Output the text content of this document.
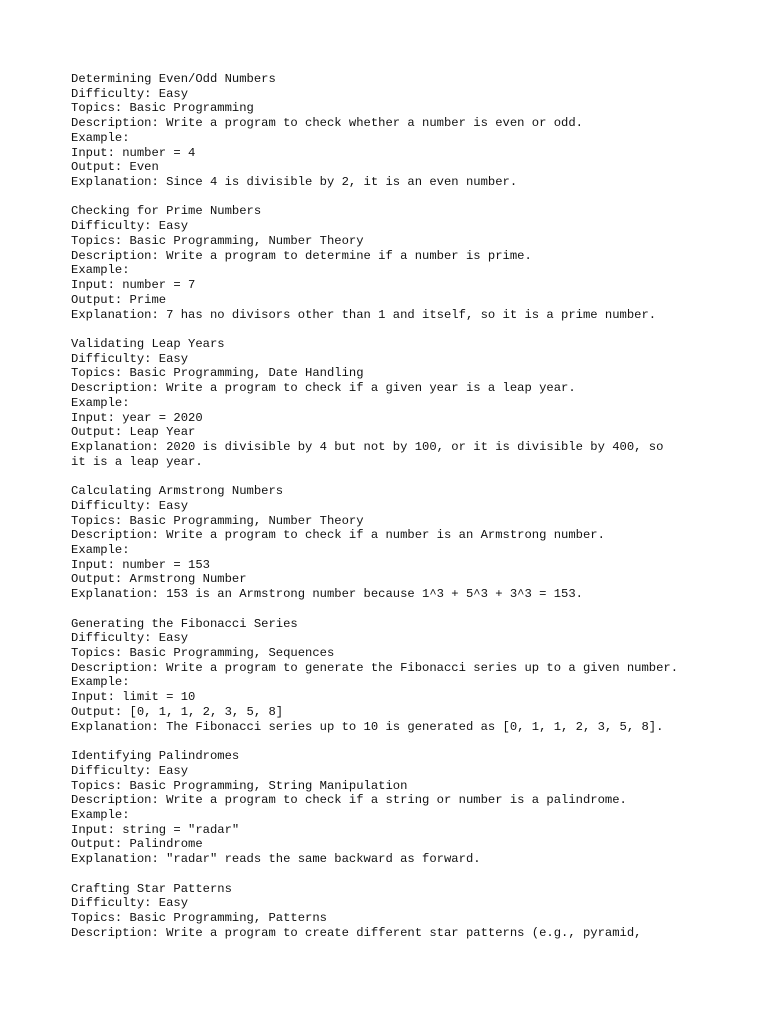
Determining Even/Odd Numbers
Difficulty: Easy
Topics: Basic Programming
Description: Write a program to check whether a number is even or odd.
Example:
Input: number = 4
Output: Even
Explanation: Since 4 is divisible by 2, it is an even number.
Checking for Prime Numbers
Difficulty: Easy
Topics: Basic Programming, Number Theory
Description: Write a program to determine if a number is prime.
Example:
Input: number = 7
Output: Prime
Explanation: 7 has no divisors other than 1 and itself, so it is a prime number.
Validating Leap Years
Difficulty: Easy
Topics: Basic Programming, Date Handling
Description: Write a program to check if a given year is a leap year.
Example:
Input: year = 2020
Output: Leap Year
Explanation: 2020 is divisible by 4 but not by 100, or it is divisible by 400, so
it is a leap year.
Calculating Armstrong Numbers
Difficulty: Easy
Topics: Basic Programming, Number Theory
Description: Write a program to check if a number is an Armstrong number.
Example:
Input: number = 153
Output: Armstrong Number
Explanation: 153 is an Armstrong number because 1^3 + 5^3 + 3^3 = 153.
Generating the Fibonacci Series
Difficulty: Easy
Topics: Basic Programming, Sequences
Description: Write a program to generate the Fibonacci series up to a given number.
Example:
Input: limit = 10
Output: [0, 1, 1, 2, 3, 5, 8]
Explanation: The Fibonacci series up to 10 is generated as [0, 1, 1, 2, 3, 5, 8].
Identifying Palindromes
Difficulty: Easy
Topics: Basic Programming, String Manipulation
Description: Write a program to check if a string or number is a palindrome.
Example:
Input: string = "radar"
Output: Palindrome
Explanation: "radar" reads the same backward as forward.
Crafting Star Patterns
Difficulty: Easy
Topics: Basic Programming, Patterns
Description: Write a program to create different star patterns (e.g., pyramid,
